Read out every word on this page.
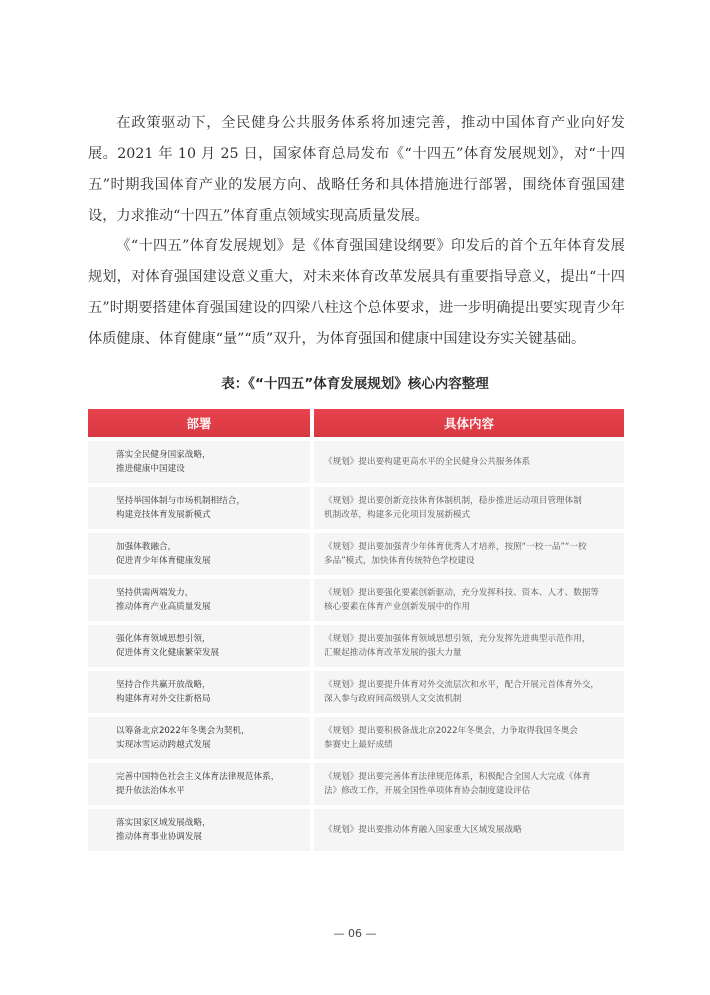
在政策驱动下，全民健身公共服务体系将加速完善，推动中国体育产业向好发展。2021 年 10 月 25 日，国家体育总局发布《“十四五”体育发展规划》，对“十四五”时期我国体育产业的发展方向、战略任务和具体措施进行部署，围绕体育强国建设，力求推动“十四五”体育重点领域实现高质量发展。

《“十四五”体育发展规划》是《体育强国建设纲要》印发后的首个五年体育发展规划，对体育强国建设意义重大，对未来体育改革发展具有重要指导意义，提出“十四五”时期要搭建体育强国建设的四梁八柱这个总体要求，进一步明确提出要实现青少年体质健康、体育健康“量”“质”双升，为体育强国和健康中国建设夯实关键基础。

表：《“十四五”体育发展规划》核心内容整理
部署	具体内容
落实全民健身国家战略，
推进健康中国建设
《规划》提出要构建更高水平的全民健身公共服务体系
坚持举国体制与市场机制相结合，
构建竞技体育发展新模式
《规划》提出要创新竞技体育体制机制，稳步推进运动项目管理体制
机制改革，构建多元化项目发展新模式
加强体教融合，
促进青少年体育健康发展
《规划》提出要加强青少年体育优秀人才培养，按照“一校一品”“一校
多品”模式，加快体育传统特色学校建设
坚持供需两端发力，
推动体育产业高质量发展
《规划》提出要强化要素创新驱动，充分发挥科技、资本、人才、数据等
核心要素在体育产业创新发展中的作用
强化体育领域思想引领，
促进体育文化健康繁荣发展
《规划》提出要加强体育领域思想引领，充分发挥先进典型示范作用，
汇聚起推动体育改革发展的强大力量
坚持合作共赢开放战略，
构建体育对外交往新格局
《规划》提出要提升体育对外交流层次和水平，配合开展元首体育外交，
深入参与政府间高级别人文交流机制
以筹备北京2022年冬奥会为契机，
实现冰雪运动跨越式发展
《规划》提出要积极备战北京2022年冬奥会，力争取得我国冬奥会
参赛史上最好成绩
完善中国特色社会主义体育法律规范体系，
提升依法治体水平
《规划》提出要完善体育法律规范体系，积极配合全国人大完成《体育
法》修改工作，开展全国性单项体育协会制度建设评估
落实国家区域发展战略，
推动体育事业协调发展
《规划》提出要推动体育融入国家重大区域发展战略
— 06 —
